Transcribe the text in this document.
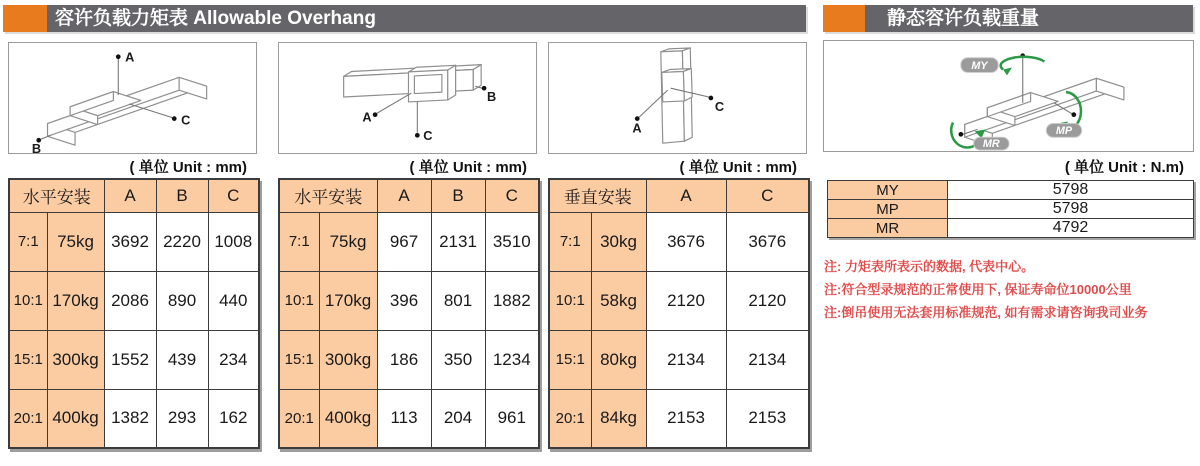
容许负载力矩表 Allowable Overhang	静态容许负载重量
A
B
C	A
B
C
A
C
MY
MP
MR
( 单位 Unit : mm)	( 单位 Unit : mm)	( 单位 Unit : mm)	( 单位 Unit : N.m)
水平安装		A	B	C
7:1	75kg	3692	2220	1008
10:1	170kg	2086	890	440
15:1	300kg	1552	439	234
20:1	400kg	1382	293	162
水平安装		A	B	C
7:1	75kg	967	2131	3510
10:1	170kg	396	801	1882
15:1	300kg	186	350	1234
20:1	400kg	113	204	961
垂直安装		A	C
7:1	30kg	3676	3676
10:1	58kg	2120	2120
15:1	80kg	2134	2134
20:1	84kg	2153	2153
MY	5798
MP	5798
MR	4792
注: 力矩表所表示的数据, 代表中心。
注:符合型录规范的正常使用下, 保证寿命位10000公里
注:倒吊使用无法套用标准规范, 如有需求请咨询我司业务
